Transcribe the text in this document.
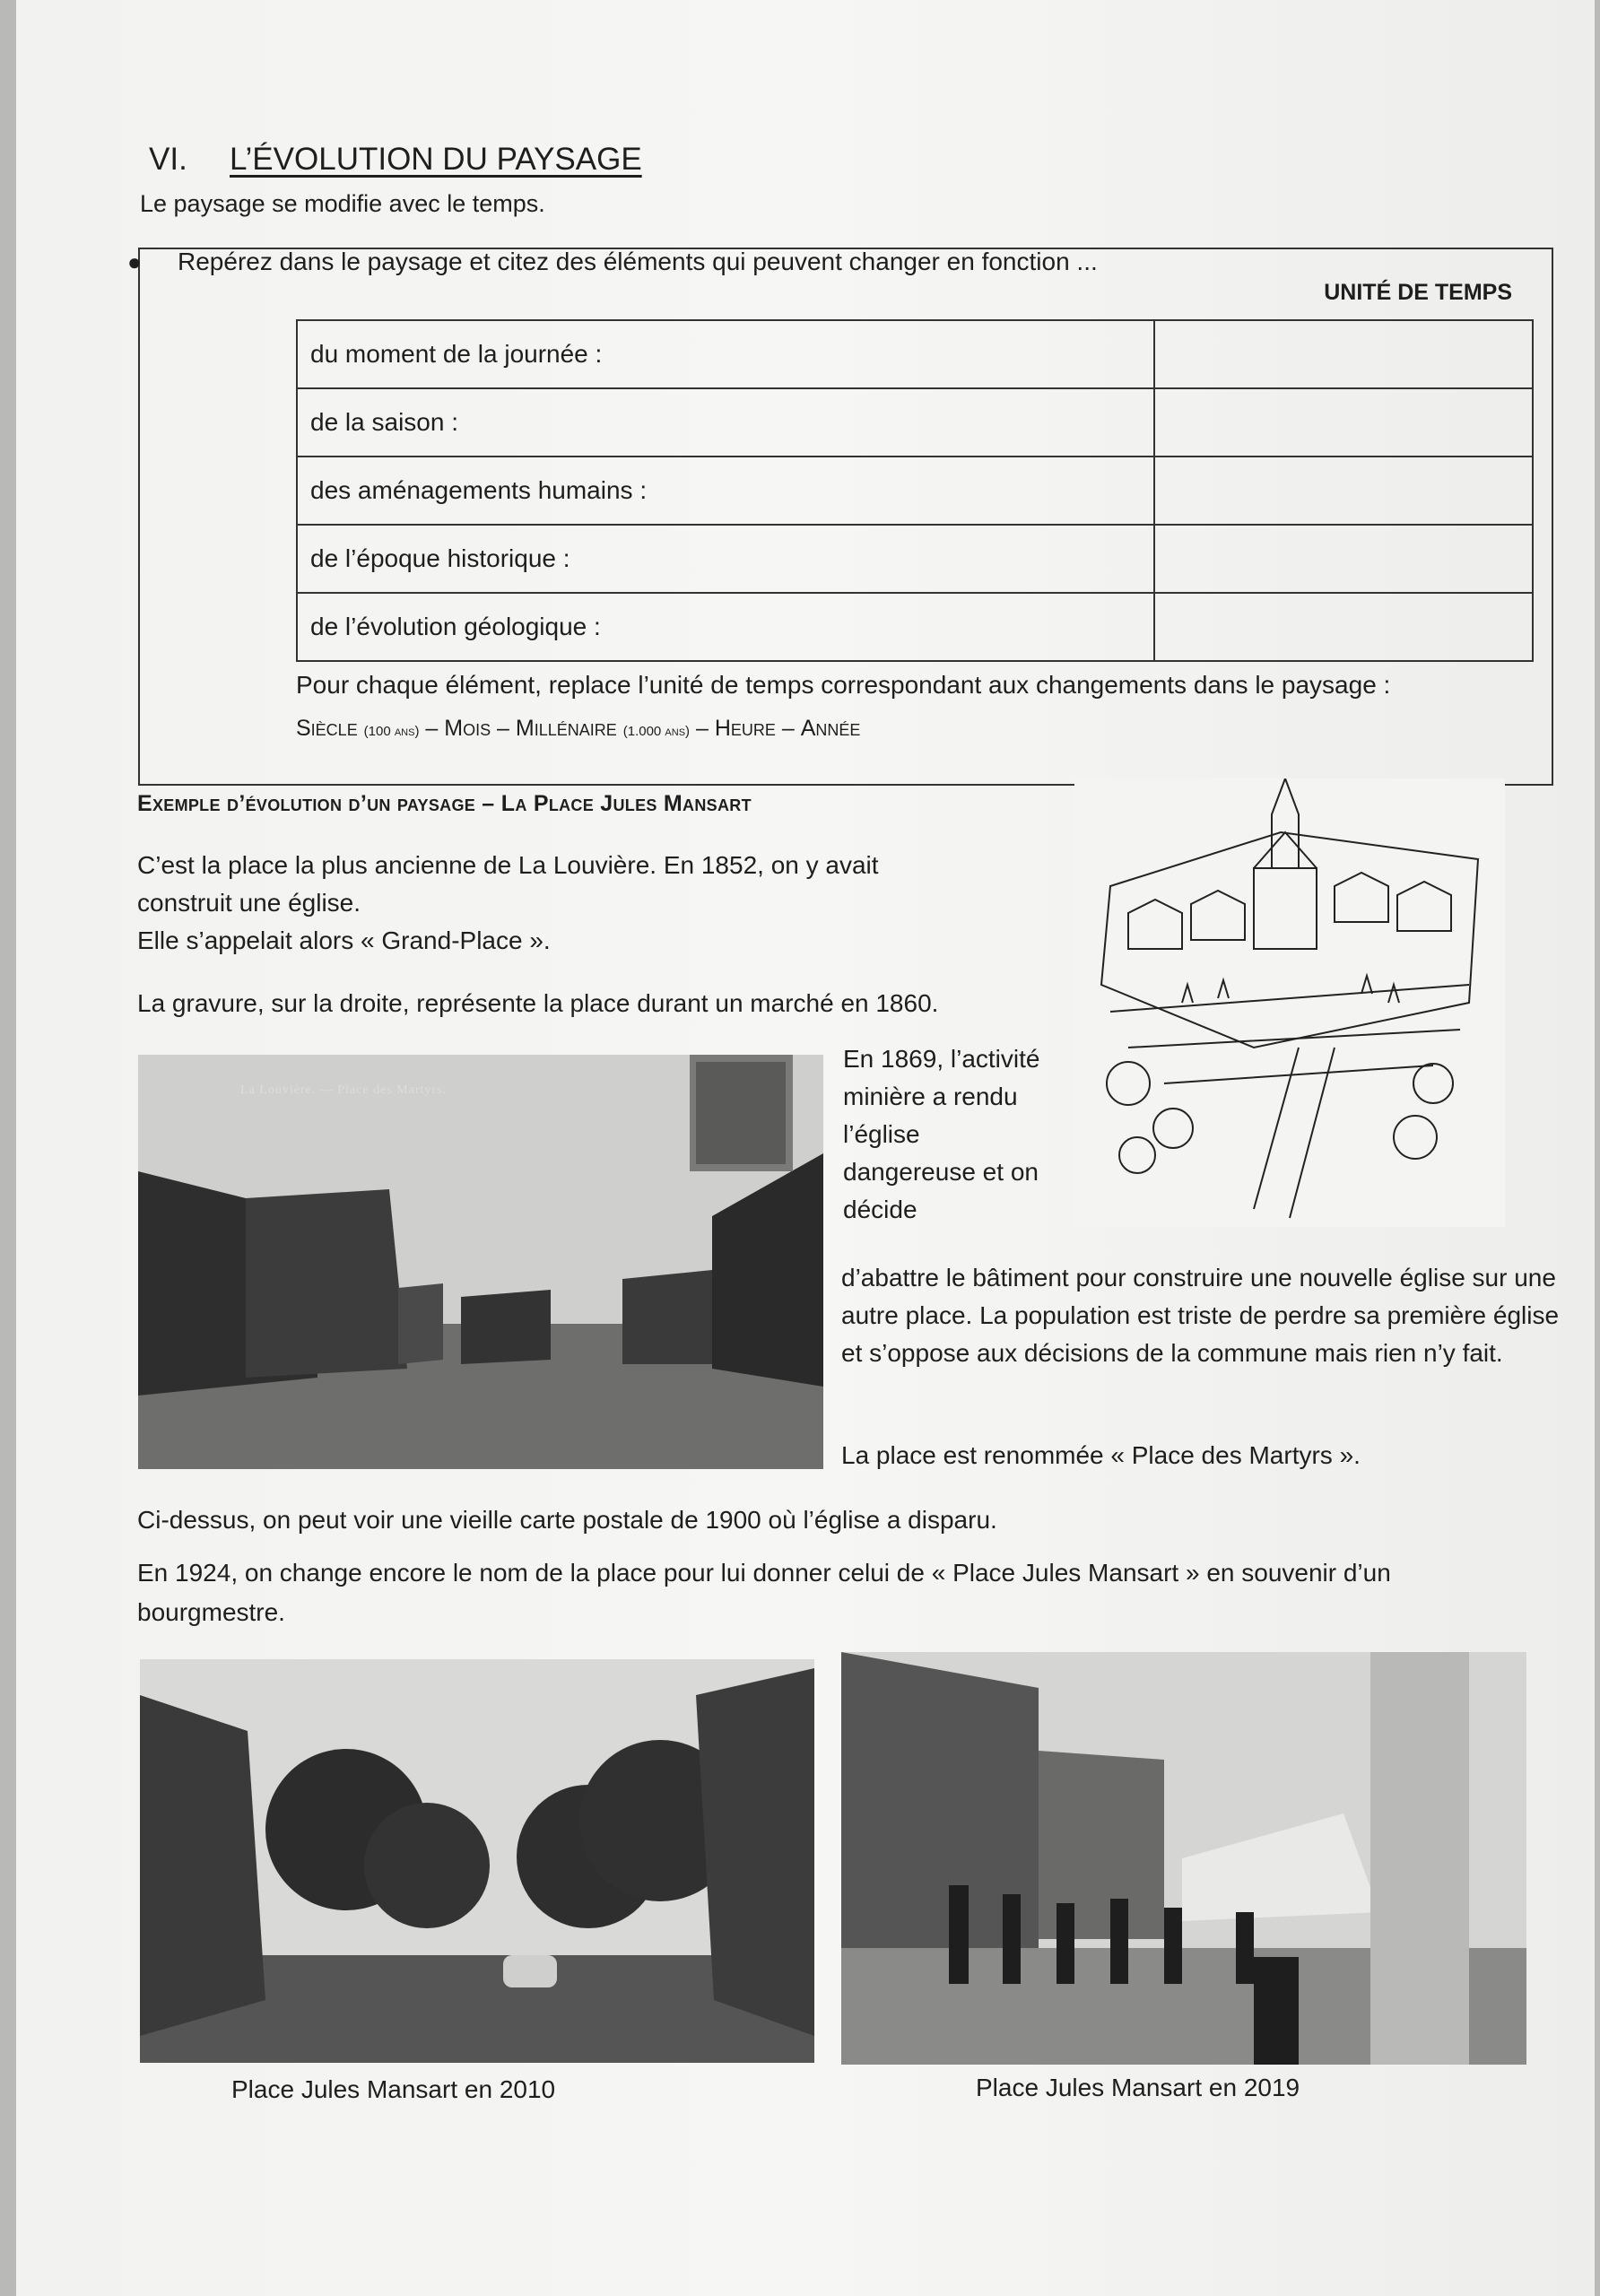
VI. L’ÉVOLUTION DU PAYSAGE
Le paysage se modifie avec le temps.
● Repérez dans le paysage et citez des éléments qui peuvent changer en fonction ...
UNITÉ DE TEMPS
du moment de la journée :	
de la saison :	
des aménagements humains :	
de l’époque historique :	
de l’évolution géologique :	
Pour chaque élément, replace l’unité de temps correspondant aux changements dans le paysage :
Siècle (100 ans) – Mois – Millénaire (1.000 ans) – Heure – Année
Exemple d’évolution d’un paysage – La Place Jules Mansart
C’est la place la plus ancienne de La Louvière. En 1852, on y avait construit une église.
Elle s’appelait alors « Grand-Place ».
La gravure, sur la droite, représente la place durant un marché en 1860.
La Louvière. — Place des Martyrs.
En 1869, l’activité minière a rendu l’église dangereuse et on décide
d’abattre le bâtiment pour construire une nouvelle église sur une autre place. La population est triste de perdre sa première église et s’oppose aux décisions de la commune mais rien n’y fait.
La place est renommée « Place des Martyrs ».
Ci-dessus, on peut voir une vieille carte postale de 1900 où l’église a disparu.
En 1924, on change encore le nom de la place pour lui donner celui de « Place Jules Mansart » en souvenir d’un bourgmestre.
Place Jules Mansart en 2010	Place Jules Mansart en 2019
